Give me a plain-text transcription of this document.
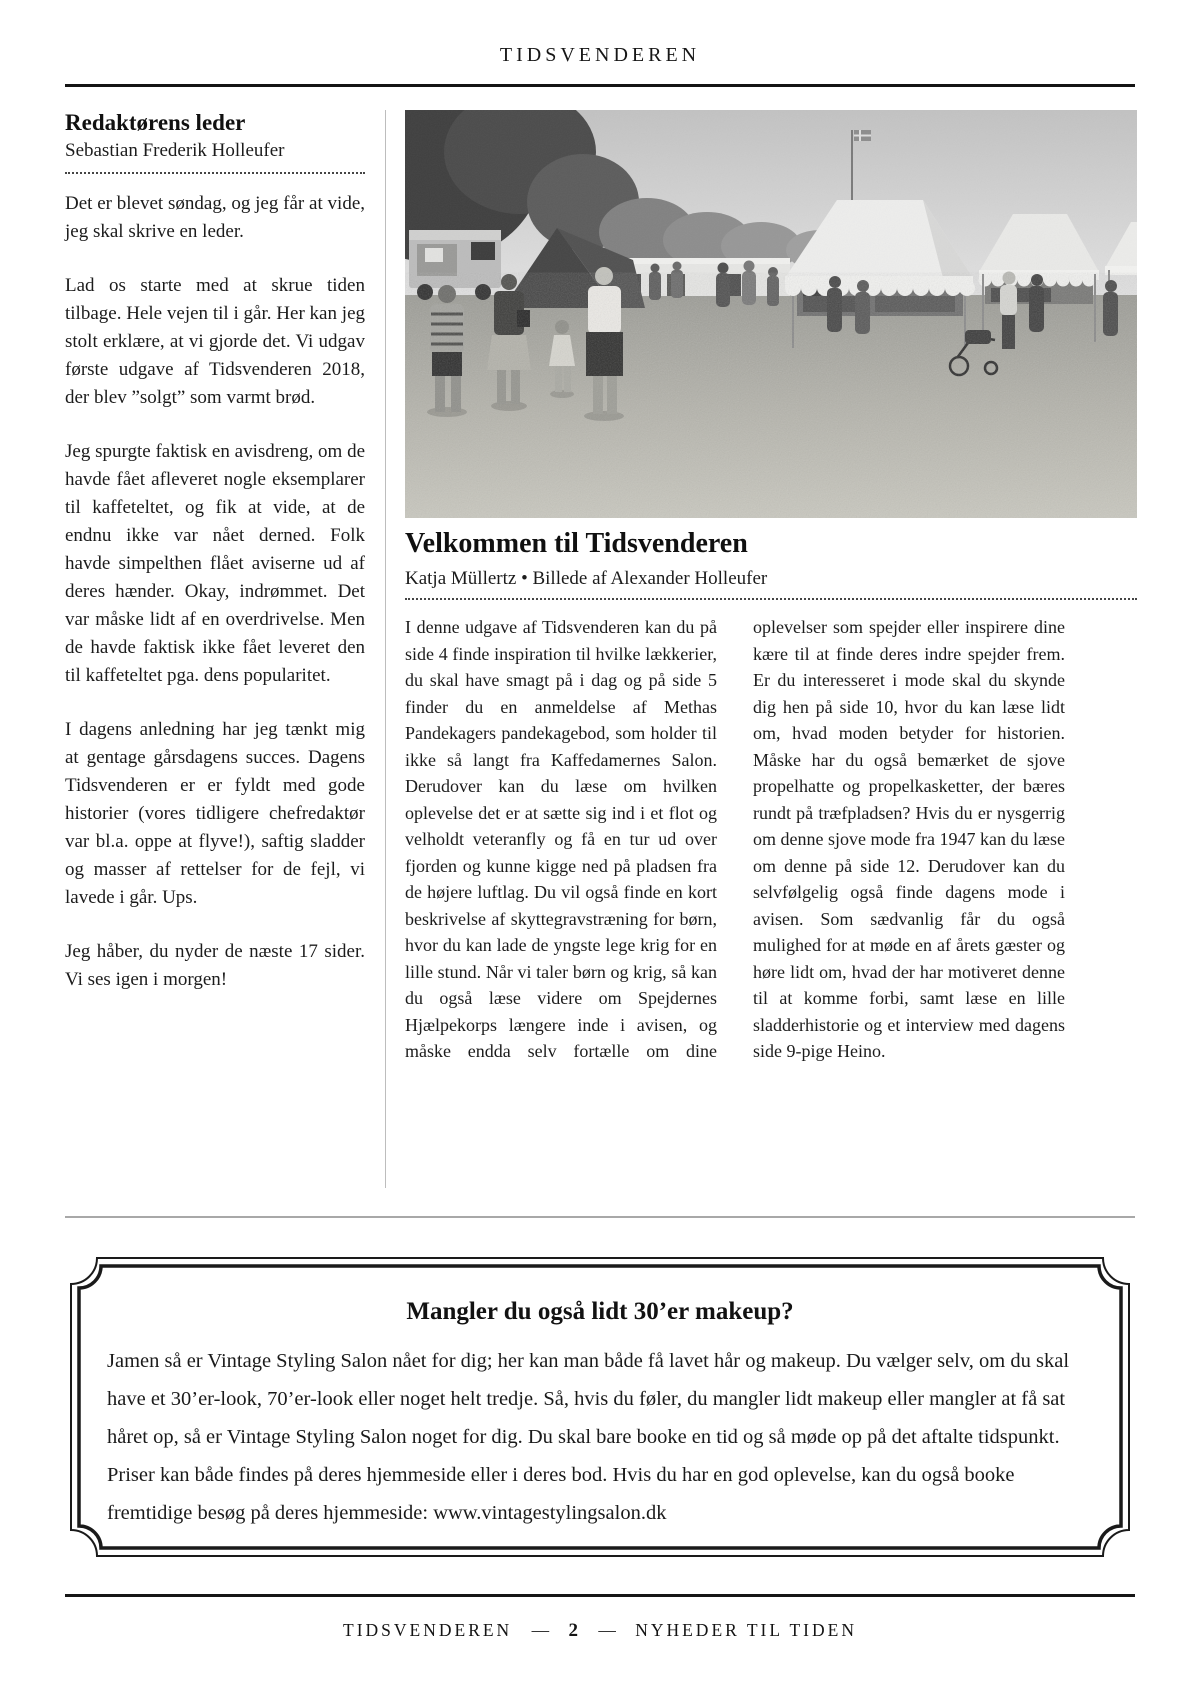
TIDSVENDEREN
Redaktørens leder
Sebastian Frederik Holleufer

Det er blevet søndag, og jeg får at vide, jeg skal skrive en leder.

Lad os starte med at skrue tiden tilbage. Hele vejen til i går. Her kan jeg stolt erklære, at vi gjorde det. Vi udgav første udgave af Tidsvenderen 2018, der blev ”solgt” som varmt brød.

Jeg spurgte faktisk en avisdreng, om de havde fået afleveret nogle eksemplarer til kaffeteltet, og fik at vide, at de endnu ikke var nået derned. Folk havde simpelthen flået aviserne ud af deres hænder. Okay, indrømmet. Det var måske lidt af en overdrivelse. Men de havde faktisk ikke fået leveret den til kaffeteltet pga. dens popularitet.

I dagens anledning har jeg tænkt mig at gentage gårsdagens succes. Dagens Tidsvenderen er er fyldt med gode historier (vores tidligere chefredaktør var bl.a. oppe at flyve!), saftig sladder og masser af rettelser for de fejl, vi lavede i går. Ups.

Jeg håber, du nyder de næste 17 sider. Vi ses igen i morgen!

Velkommen til Tidsvenderen
Katja Müllertz • Billede af Alexander Holleufer
I denne udgave af Tidsvenderen kan du på side 4 finde inspiration til hvilke lækkerier, du skal have smagt på i dag og på side 5 finder du en anmeldelse af Methas Pandekagers pandekagebod, som holder til ikke så langt fra Kaffedamernes Salon. Derudover kan du læse om hvilken oplevelse det er at sætte sig ind i et flot og velholdt veteranfly og få en tur ud over fjorden og kunne kigge ned på pladsen fra de højere luftlag. Du vil også finde en kort beskrivelse af skyttegravstræning for børn, hvor du kan lade de yngste lege krig for en lille stund. Når vi taler børn og krig, så kan du også læse videre om Spejdernes Hjælpekorps længere inde i avisen, og måske endda selv fortælle om dine oplevelser som spejder eller inspirere dine kære til at finde deres indre spejder frem. Er du interesseret i mode skal du skynde dig hen på side 10, hvor du kan læse lidt om, hvad moden betyder for historien. Måske har du også bemærket de sjove propelhatte og propelkasketter, der bæres rundt på træfpladsen? Hvis du er nysgerrig om denne sjove mode fra 1947 kan du læse om denne på side 12. Derudover kan du selvfølgelig også finde dagens mode i avisen. Som sædvanlig får du også mulighed for at møde en af årets gæster og høre lidt om, hvad der har motiveret denne til at komme forbi, samt læse en lille sladderhistorie og et interview med dagens side 9-pige Heino.
Mangler du også lidt 30’er makeup?

Jamen så er Vintage Styling Salon nået for dig; her kan man både få lavet hår og makeup. Du vælger selv, om du skal have et 30’er-look, 70’er-look eller noget helt tredje. Så, hvis du føler, du mangler lidt makeup eller mangler at få sat håret op, så er Vintage Styling Salon noget for dig. Du skal bare booke en tid og så møde op på det aftalte tidspunkt. Priser kan både findes på deres hjemmeside eller i deres bod. Hvis du har en god oplevelse, kan du også booke fremtidige besøg på deres hjemmeside: www.vintagestylingsalon.dk

TIDSVENDEREN — 2 — NYHEDER TIL TIDEN
